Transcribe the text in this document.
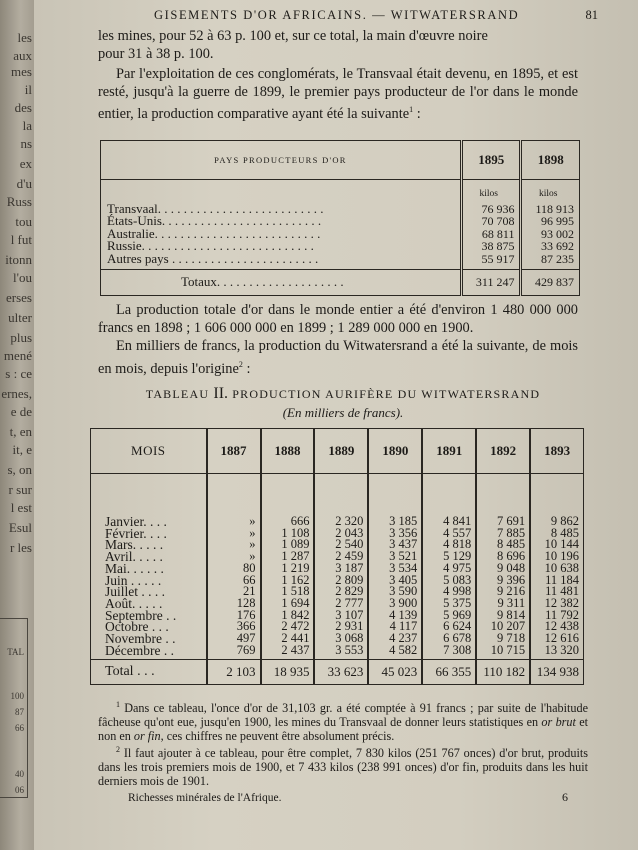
les
aux
mes
il
des
la
ns
ex
d'u
Russ
tou
l fut
itonn
l'ou
erses
ulter
plus
mené
s : ce
ernes,
e de
t, en
it, e
s, on
r sur
l est
Esul
r les
TAL
100
87
66
40
06
GISEMENTS D'OR AFRICAINS. — WITWATERSRAND	81

les mines, pour 52 à 63 p. 100 et, sur ce total, la main d'œuvre noire

pour 31 à 38 p. 100.

Par l'exploitation de ces conglomérats, le Transvaal était devenu, en 1895, et est resté, jusqu'à la guerre de 1899, le premier pays producteur de l'or dans le monde entier, la production comparative ayant été la suivante$^1$ :

PAYS PRODUCTEURS D'OR	1895	1898
	kilos	kilos
Transvaal. . . . . . . . . . . . . . . . . . . . . . . . . .	76 936	118 913
États-Unis. . . . . . . . . . . . . . . . . . . . . . . . .	70 708	96 995
Australie. . . . . . . . . . . . . . . . . . . . . . . . . .	68 811	93 002
Russie. . . . . . . . . . . . . . . . . . . . . . . . . . .	38 875	33 692
Autres pays . . . . . . . . . . . . . . . . . . . . . . .	55 917	87 235
Totaux. . . . . . . . . . . . . . . . . . . .	311 247	429 837

La production totale d'or dans le monde entier a été d'environ 1 480 000 000 francs en 1898 ; 1 606 000 000 en 1899 ; 1 289 000 000 en 1900.

En milliers de francs, la production du Witwatersrand a été la suivante, de mois en mois, depuis l'origine$^2$ :

TABLEAU II. PRODUCTION AURIFÈRE DU WITWATERSRAND
(En milliers de francs).
MOIS	1887	1888	1889	1890	1891	1892	1893
Janvier. . . .	»	666	2 320	3 185	4 841	7 691	9 862
Février. . . .	»	1 108	2 043	3 356	4 557	7 885	8 485
Mars. . . . .	»	1 089	2 540	3 437	4 818	8 485	10 144
Avril. . . . .	»	1 287	2 459	3 521	5 129	8 696	10 196
Mai. . . . . .	80	1 219	3 187	3 534	4 975	9 048	10 638
Juin . . . . .	66	1 162	2 809	3 405	5 083	9 396	11 184
Juillet . . . .	21	1 518	2 829	3 590	4 998	9 216	11 481
Août. . . . .	128	1 694	2 777	3 900	5 375	9 311	12 382
Septembre . .	176	1 842	3 107	4 139	5 969	9 814	11 792
Octobre . . .	366	2 472	2 931	4 117	6 624	10 207	12 438
Novembre . .	497	2 441	3 068	4 237	6 678	9 718	12 616
Décembre . .	769	2 437	3 553	4 582	7 308	10 715	13 320
Total . . .	2 103	18 935	33 623	45 023	66 355	110 182	134 938

$^1$ Dans ce tableau, l'once d'or de 31,103 gr. a été comptée à 91 francs ; par suite de l'habitude fâcheuse qu'ont eue, jusqu'en 1900, les mines du Transvaal de donner leurs statistiques en or brut et non en or fin, ces chiffres ne peuvent être absolument précis.

$^2$ Il faut ajouter à ce tableau, pour être complet, 7 830 kilos (251 767 onces) d'or brut, produits dans les trois premiers mois de 1900, et 7 433 kilos (238 991 onces) d'or fin, produits dans les huit derniers mois de 1901.

Richesses minérales de l'Afrique.	6
